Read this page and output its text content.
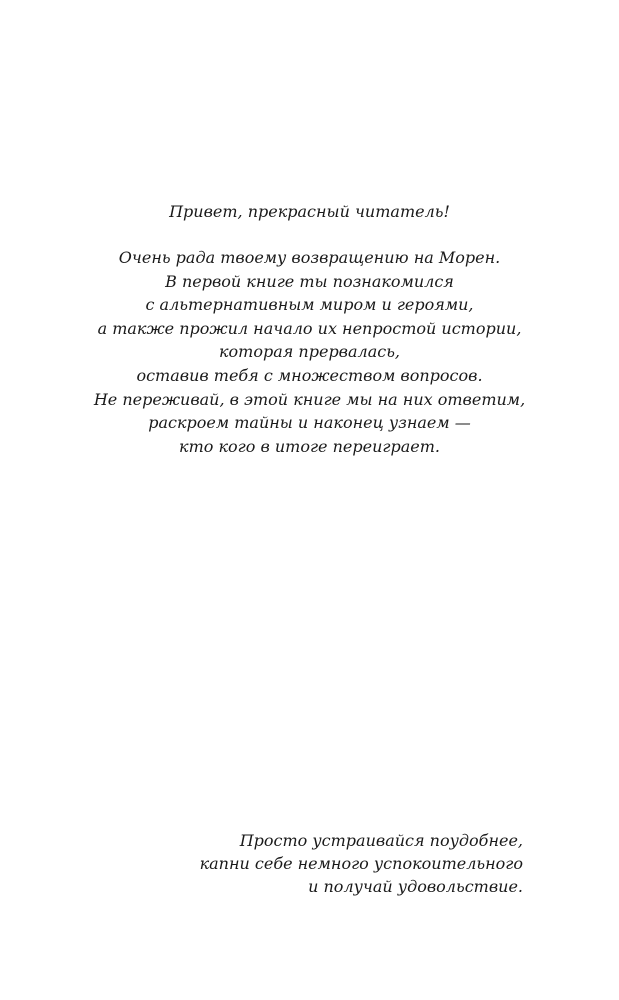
Привет, прекрасный читатель!
Очень рада твоему возвращению на Морен.
В первой книге ты познакомился
с альтернативным миром и героями,
а также прожил начало их непростой истории,
которая прервалась,
оставив тебя с множеством вопросов.
Не переживай, в этой книге мы на них ответим,
раскроем тайны и наконец узнаем —
кто кого в итоге переиграет.
Просто устраивайся поудобнее,
капни себе немного успокоительного
и получай удовольствие.
